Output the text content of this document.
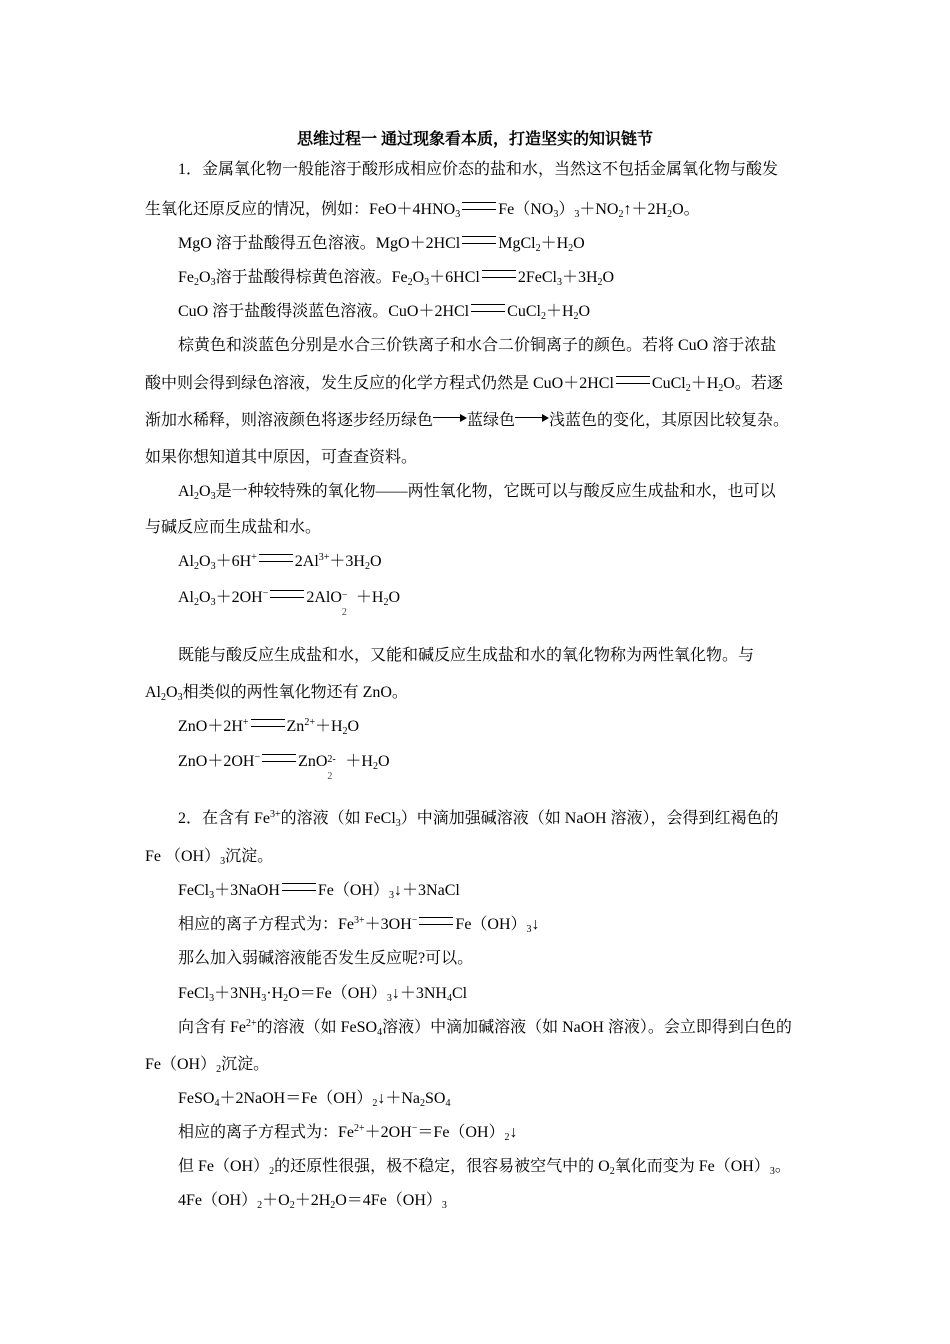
思维过程一 通过现象看本质，打造坚实的知识链节
1．金属氧化物一般能溶于酸形成相应价态的盐和水，当然这不包括金属氧化物与酸发
生氧化还原反应的情况，例如：$FeO+4HNO_3$ $Fe(NO_3)_3+NO_2↑+2H_2O$。
MgO 溶于盐酸得五色溶液。MgO＋2HCl $MgCl_2+H_2O$
$Fe_2O_3$溶于盐酸得棕黄色溶液。$Fe_2O_3+6HCl$ $2FeCl_3+3H_2O$
CuO 溶于盐酸得淡蓝色溶液。CuO＋2HCl $CuCl_2+H_2O$
棕黄色和淡蓝色分别是水合三价铁离子和水合二价铜离子的颜色。若将 CuO 溶于浓盐
酸中则会得到绿色溶液，发生反应的化学方程式仍然是 CuO＋2HCl $CuCl_2+H_2O$。若逐
渐加水稀释，则溶液颜色将逐步经历绿色 蓝绿色 浅蓝色的变化，其原因比较复杂。
如果你想知道其中原因，可查查资料。
$Al_2O_3$是一种较特殊的氧化物——两性氧化物，它既可以与酸反应生成盐和水，也可以
与碱反应而生成盐和水。
$Al_2O_3+6H^+$ $2Al^{3+}+3H_2O$
$Al_2O_3+2OH^-$ 2AlO −
2
$+H_2O$
既能与酸反应生成盐和水，又能和碱反应生成盐和水的氧化物称为两性氧化物。与
$Al_2O_3$相类似的两性氧化物还有 ZnO。
ZnO＋2H+ $Zn^{2+}+H_2O$
ZnO＋2OH− ZnO 2-
2
$+H_2O$
2．在含有 $Fe^{3+}$的溶液（如 FeCl$_3$）中滴加强碱溶液（如 NaOH 溶液），会得到红褐色的
Fe $(OH)_3$沉淀。
FeCl$_3$＋3NaOH $Fe(OH)_3↓+3NaCl$
相应的离子方程式为：$Fe^{3+}+3OH^-$ $Fe(OH)_3↓$
那么加入弱碱溶液能否发生反应呢?可以。
$FeCl_3+3NH_3\cdot H_2O=Fe(OH)_3↓+3NH_4Cl$
向含有 $Fe^{2+}$的溶液（如 FeSO$_4$溶液）中滴加碱溶液（如 NaOH 溶液）。会立即得到白色的
$Fe(OH)_2$沉淀。
$FeSO_4+2NaOH=Fe(OH)_2↓+Na_2SO_4$
相应的离子方程式为：$Fe^{2+}+2OH^-=Fe(OH)_2↓$
但 $Fe(OH)_2$的还原性很强，极不稳定，很容易被空气中的 $O_2$氧化而变为 $Fe(OH)_3$。
$4Fe(OH)_2+O_2+2H_2O=4Fe(OH)_3$
